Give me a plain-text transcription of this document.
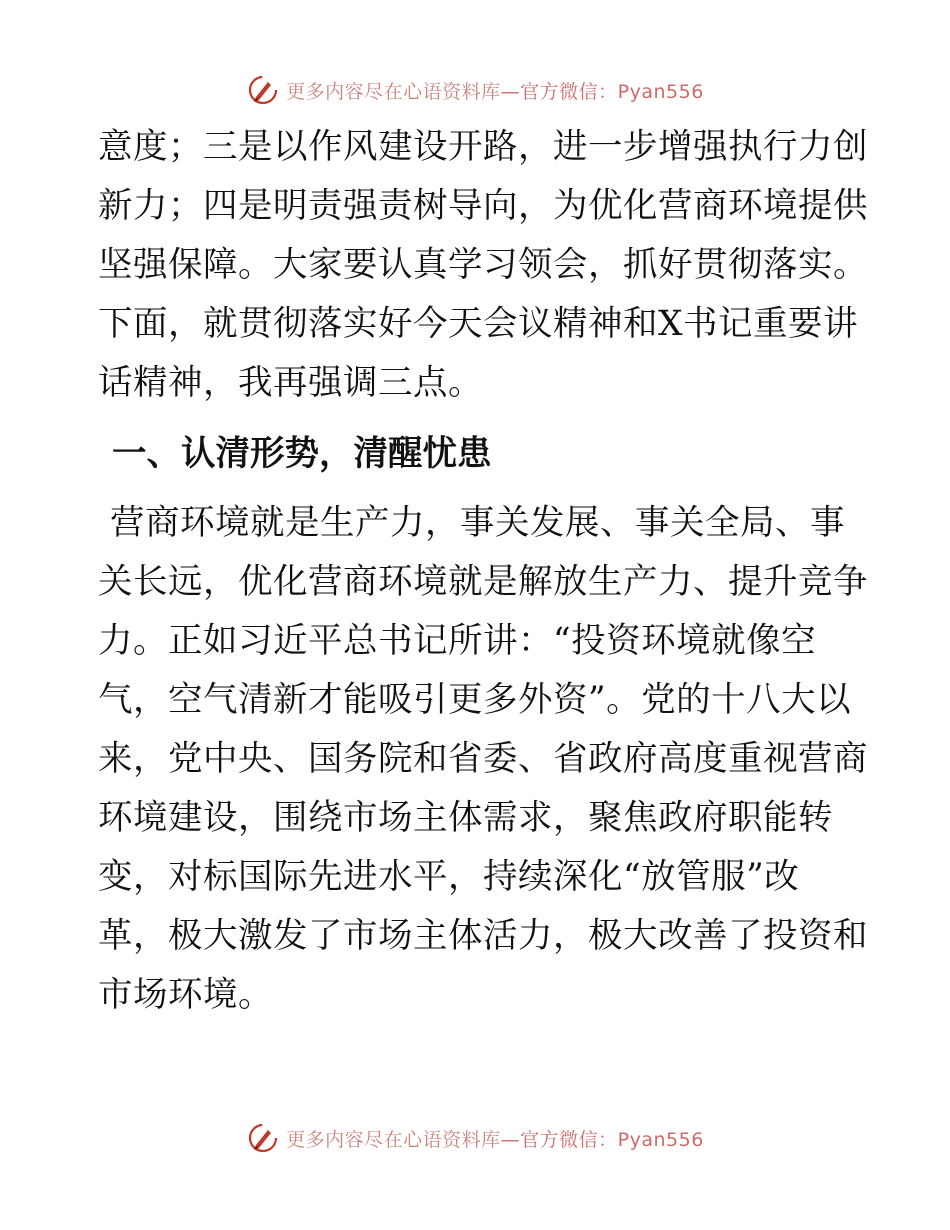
更多内容尽在心语资料库 —官方微信：Pyan556

意度；三是以作风建设开路，进一步增强执行力创
新力；四是明责强责树导向，为优化营商环境提供
坚强保障。大家要认真学习领会，抓好贯彻落实。
下面，就贯彻落实好今天会议精神和X书记重要讲
话精神，我再强调三点。

一、认清形势，清醒忧患

营商环境就是生产力，事关发展、事关全局、事
关长远，优化营商环境就是解放生产力、提升竞争
力。正如习近平总书记所讲：“投资环境就像空
气，空气清新才能吸引更多外资”。党的十八大以
来，党中央、国务院和省委、省政府高度重视营商
环境建设，围绕市场主体需求，聚焦政府职能转
变，对标国际先进水平，持续深化“放管服”改
革，极大激发了市场主体活力，极大改善了投资和
市场环境。

更多内容尽在心语资料库 —官方微信：Pyan556
